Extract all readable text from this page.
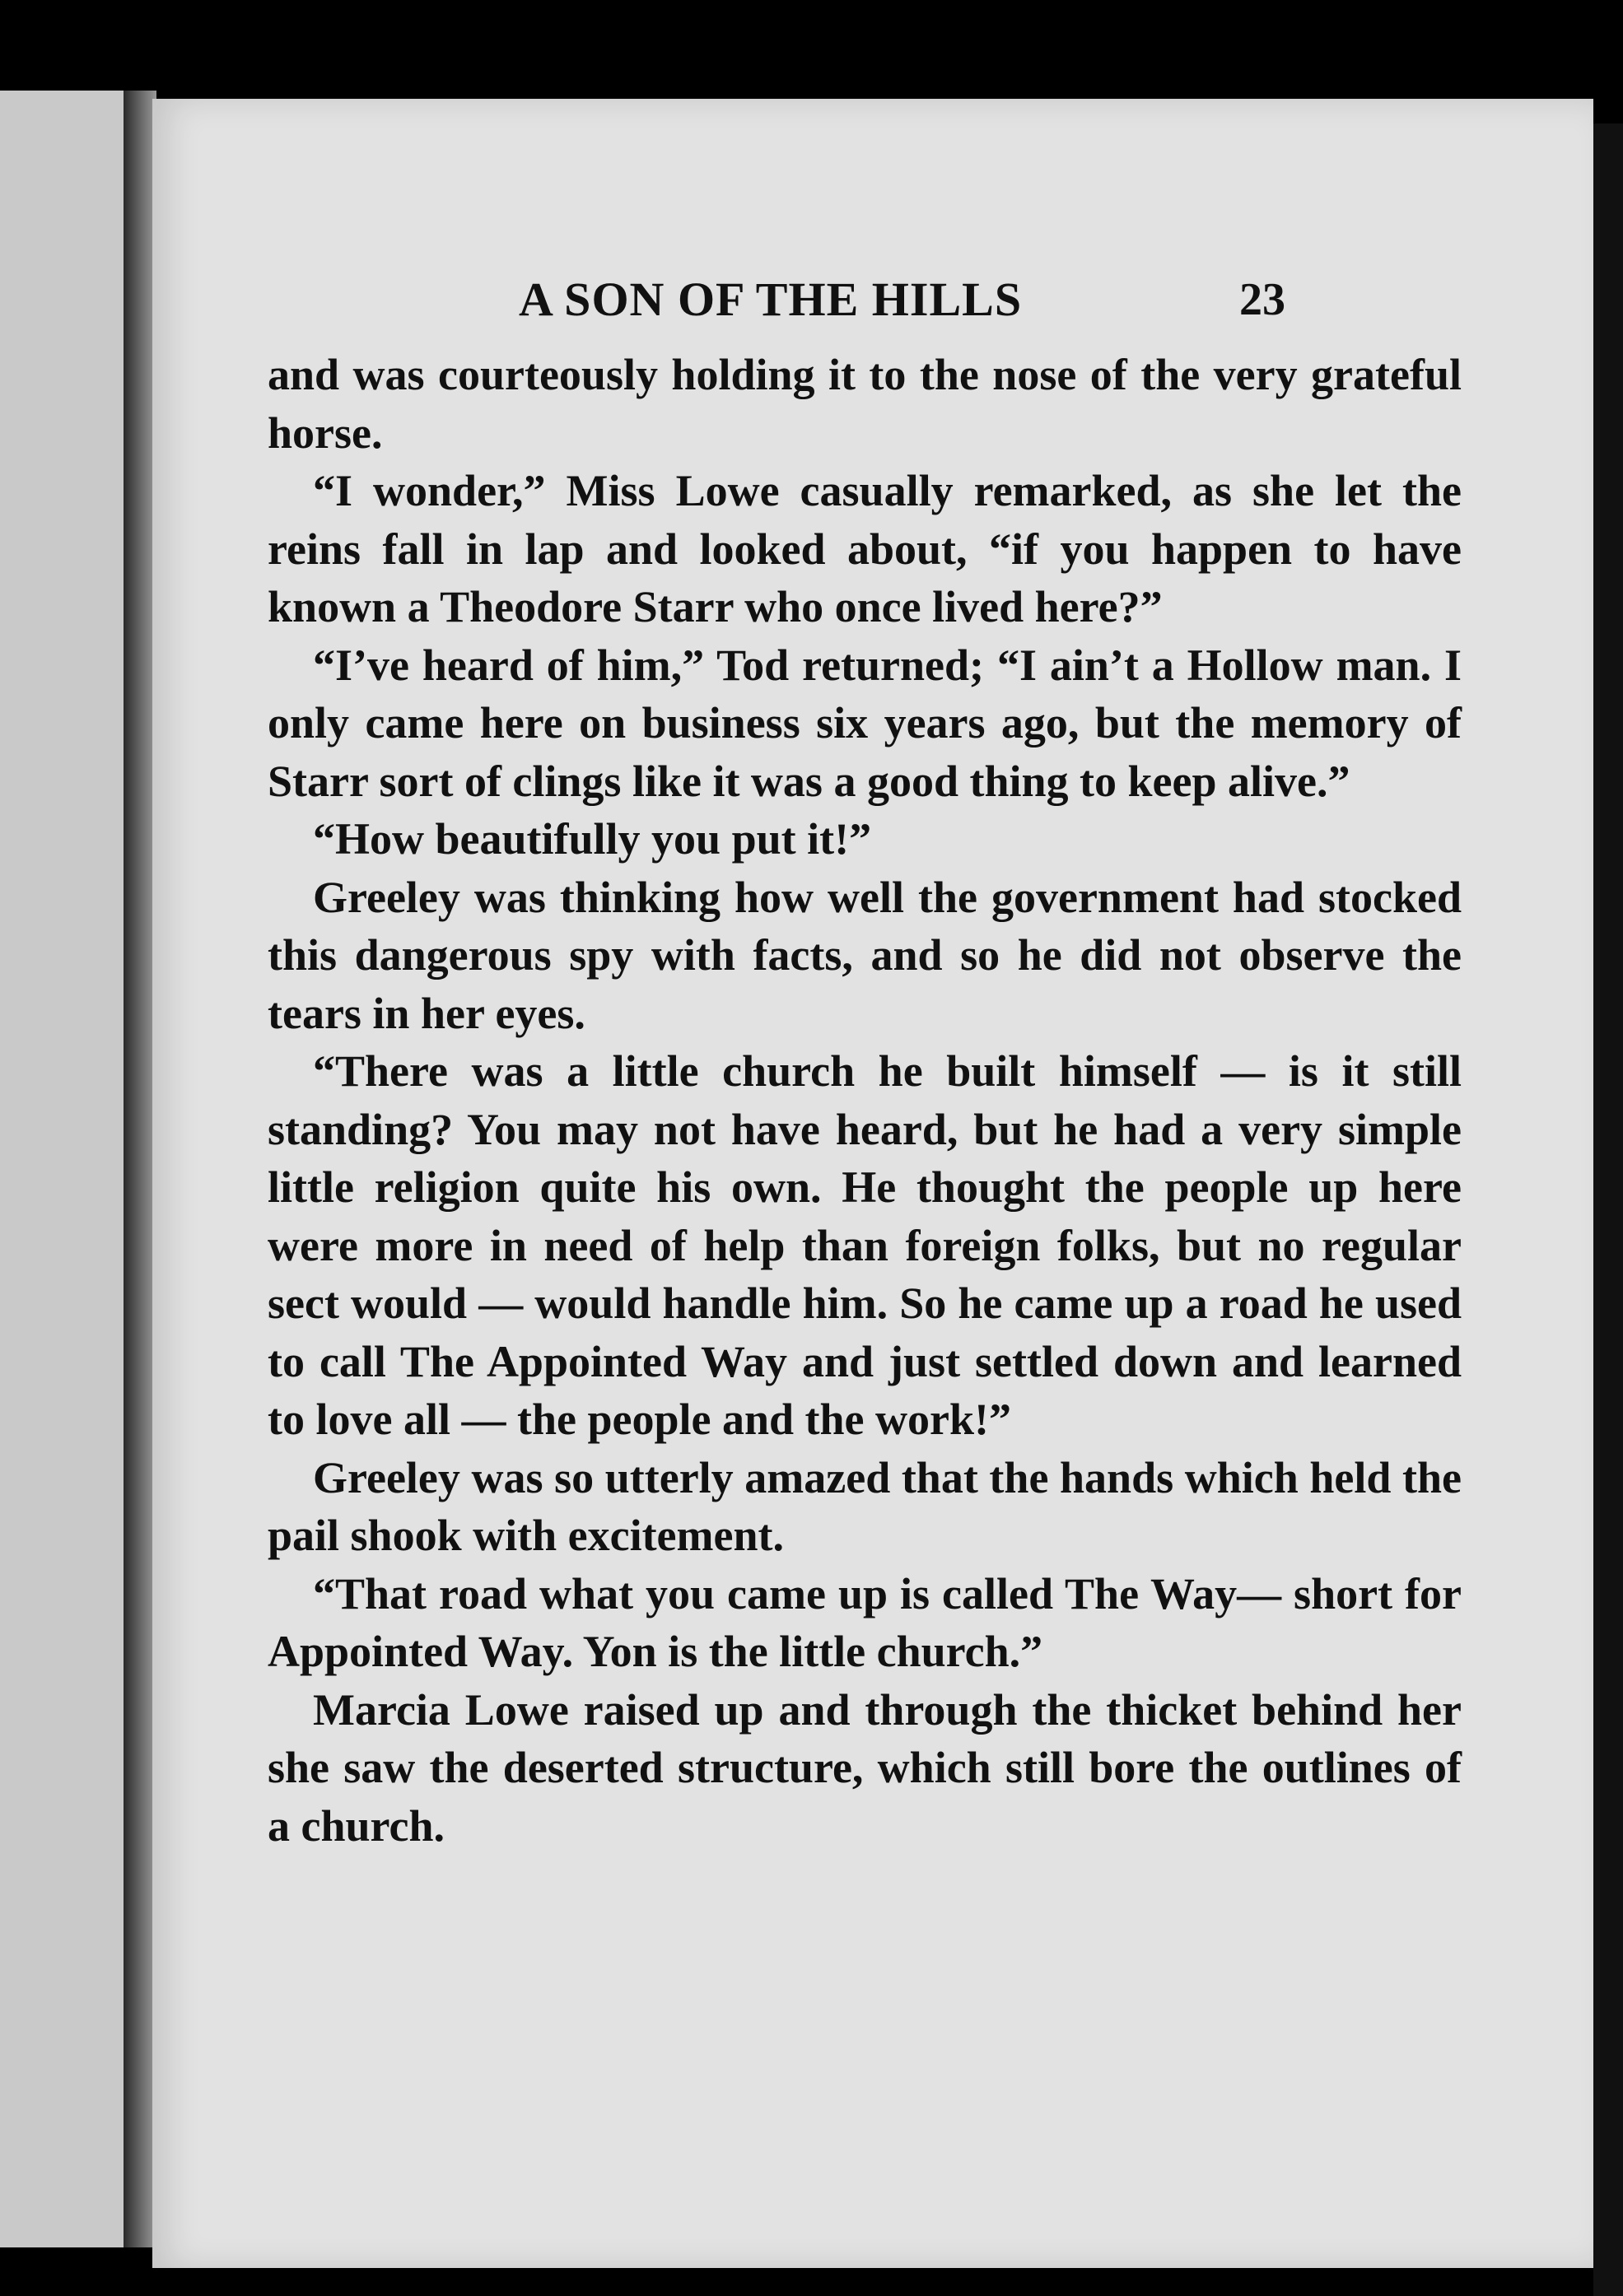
A SON OF THE HILLS	23

and was courteously holding it to the nose of the very grateful horse.

“I wonder,” Miss Lowe casually remarked, as she let the reins fall in lap and looked about, “if you happen to have known a Theodore Starr who once lived here?”

“I’ve heard of him,” Tod returned; “I ain’t a Hollow man. I only came here on business six years ago, but the memory of Starr sort of clings like it was a good thing to keep alive.”

“How beautifully you put it!”

Greeley was thinking how well the government had stocked this dangerous spy with facts, and so he did not observe the tears in her eyes.

“There was a little church he built himself — is it still standing? You may not have heard, but he had a very simple little religion quite his own. He thought the people up here were more in need of help than foreign folks, but no regular sect would — would handle him. So he came up a road he used to call The Appointed Way and just settled down and learned to love all — the people and the work!”

Greeley was so utterly amazed that the hands which held the pail shook with excitement.

“That road what you came up is called The Way— short for Appointed Way. Yon is the little church.”

Marcia Lowe raised up and through the thicket behind her she saw the deserted structure, which still bore the outlines of a church.
